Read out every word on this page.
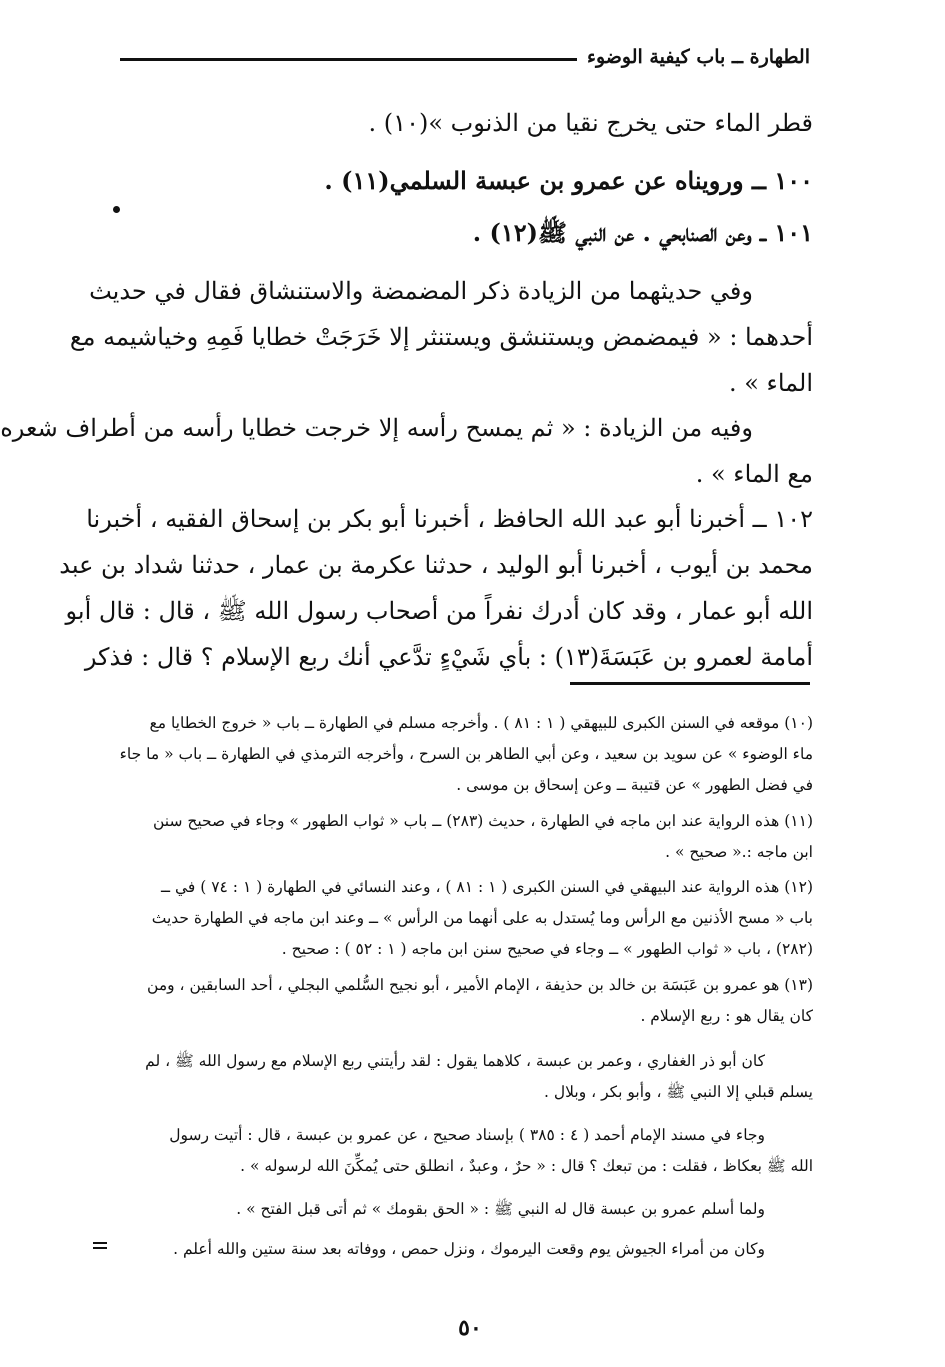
الطهارة ــ باب كيفية الوضوء
قطر الماء حتى يخرج نقيا من الذنوب »(١٠) .
١٠٠ ــ ورويناه عن عمرو بن عبسة السلمي(١١) .
١٠١ ــ وعن الصنابحي . عن النبي ﷺ(١٢) .
وفي حديثهما من الزيادة ذكر المضمضة والاستنشاق فقال في حديث
أحدهما : « فيمضمض ويستنشق ويستنثر إلا خَرَجَتْ خطايا فَمِهِ وخياشيمه مع
الماء » .
وفيه من الزيادة : « ثم يمسح رأسه إلا خرجت خطايا رأسه من أطراف شعره
مع الماء » .
١٠٢ ــ أخبرنا أبو عبد الله الحافظ ، أخبرنا أبو بكر بن إسحاق الفقيه ، أخبرنا
محمد بن أيوب ، أخبرنا أبو الوليد ، حدثنا عكرمة بن عمار ، حدثنا شداد بن عبد
الله أبو عمار ، وقد كان أدرك نفراً من أصحاب رسول الله ﷺ ، قال : قال أبو
أمامة لعمرو بن عَبَسَةَ(١٣) : بأي شَيْءٍ تدَّعي أنك ربع الإسلام ؟ قال : فذكر
(١٠) موقعه في السنن الكبرى للبيهقي ( ١ : ٨١ ) . وأخرجه مسلم في الطهارة ــ باب « خروج الخطايا مع
ماء الوضوء » عن سويد بن سعيد ، وعن أبي الطاهر بن السرح ، وأخرجه الترمذي في الطهارة ــ باب « ما جاء
في فضل الطهور » عن قتيبة ــ وعن إسحاق بن موسى .
(١١) هذه الرواية عند ابن ماجه في الطهارة ، حديث (٢٨٣) ــ باب « ثواب الطهور » وجاء في صحيح سنن
ابن ماجه :.« صحيح » .
(١٢) هذه الرواية عند البيهقي في السنن الكبرى ( ١ : ٨١ ) ، وعند النسائي في الطهارة ( ١ : ٧٤ ) في ــ
باب « مسح الأذنين مع الرأس وما يُستدل به على أنهما من الرأس » ــ وعند ابن ماجه في الطهارة حديث
(٢٨٢) ، باب « ثواب الطهور » ــ وجاء في صحيح سنن ابن ماجه ( ١ : ٥٢ ) : صحيح .
(١٣) هو عمرو بن عَبَسَة بن خالد بن حذيفة ، الإمام الأمير ، أبو نجيح السُّلمي البجلي ، أحد السابقين ، ومن
كان يقال هو : ربع الإسلام .
كان أبو ذر الغفاري ، وعمر بن عبسة ، كلاهما يقول : لقد رأيتني ربع الإسلام مع رسول الله ﷺ ، لم
يسلم قبلي إلا النبي ﷺ ، وأبو بكر ، وبلال .
وجاء في مسند الإمام أحمد ( ٤ : ٣٨٥ ) بإسناد صحيح ، عن عمرو بن عبسة ، قال : أتيت رسول
الله ﷺ بعكاظ ، فقلت : من تبعك ؟ قال : « حرٌ ، وعبدٌ ، انطلق حتى يُمكِّنَ الله لرسوله » .
ولما أسلم عمرو بن عبسة قال له النبي ﷺ : « الحق بقومك » ثم أتى قبل الفتح » .
وكان من أمراء الجيوش يوم وقعت اليرموك ، ونزل حمص ، ووفاته بعد سنة ستين والله أعلم .
٥٠
